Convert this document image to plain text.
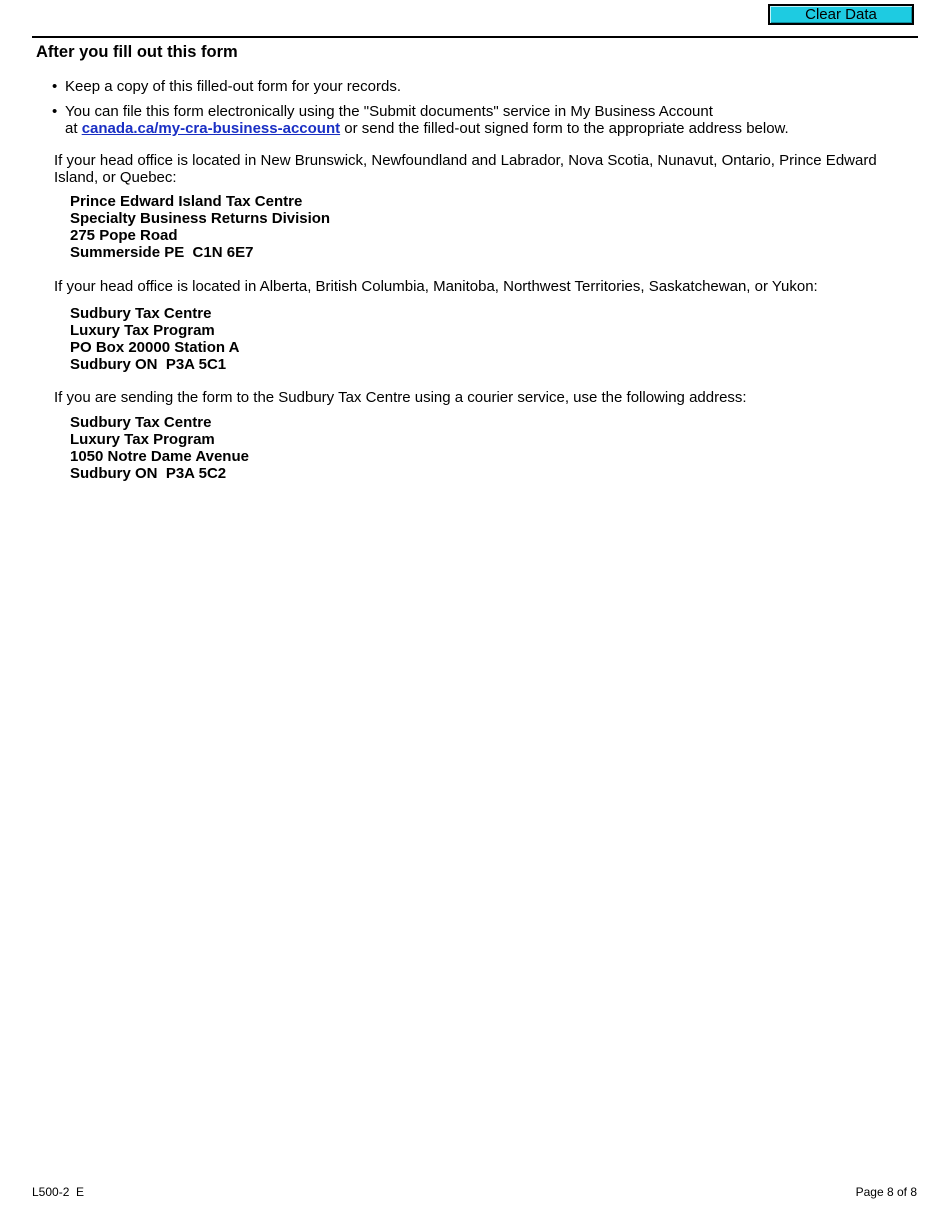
Clear Data
After you fill out this form
• Keep a copy of this filled-out form for your records.
• You can file this form electronically using the "Submit documents" service in My Business Account
at canada.ca/my-cra-business-account or send the filled-out signed form to the appropriate address below.

If your head office is located in New Brunswick, Newfoundland and Labrador, Nova Scotia, Nunavut, Ontario, Prince Edward Island, or Quebec:

Prince Edward Island Tax Centre
Specialty Business Returns Division
275 Pope Road
Summerside PE  C1N 6E7

If your head office is located in Alberta, British Columbia, Manitoba, Northwest Territories, Saskatchewan, or Yukon:

Sudbury Tax Centre
Luxury Tax Program
PO Box 20000 Station A
Sudbury ON  P3A 5C1

If you are sending the form to the Sudbury Tax Centre using a courier service, use the following address:

Sudbury Tax Centre
Luxury Tax Program
1050 Notre Dame Avenue
Sudbury ON  P3A 5C2
L500-2  E	Page 8 of 8
